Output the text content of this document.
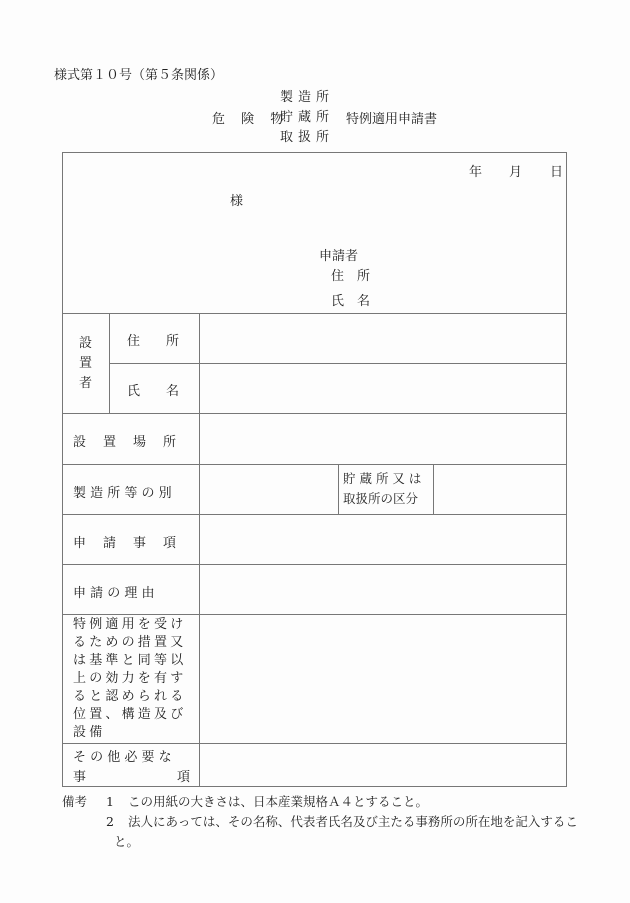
様式第１０号（第５条関係）
危 険 物
製造所
貯蔵所
取扱所
特例適用申請書
年 月 日
様
申請者
住　所
氏　名
設
置
者
住　　所
氏　　名
設　置　場　所
製 造 所 等 の 別
貯 蔵 所 又 は
取扱所の区分
申　請　事　項
申 請 の 理 由
特例適用を受け
るための措置又
は基準と同等以
上の効力を有す
ると認められる
位置、構造及び
設備
そ の 他 必 要 な
事	項
備考 1 この用紙の大きさは、日本産業規格Ａ４とすること。
2 法人にあっては、その名称、代表者氏名及び主たる事務所の所在地を記入するこ
と。
